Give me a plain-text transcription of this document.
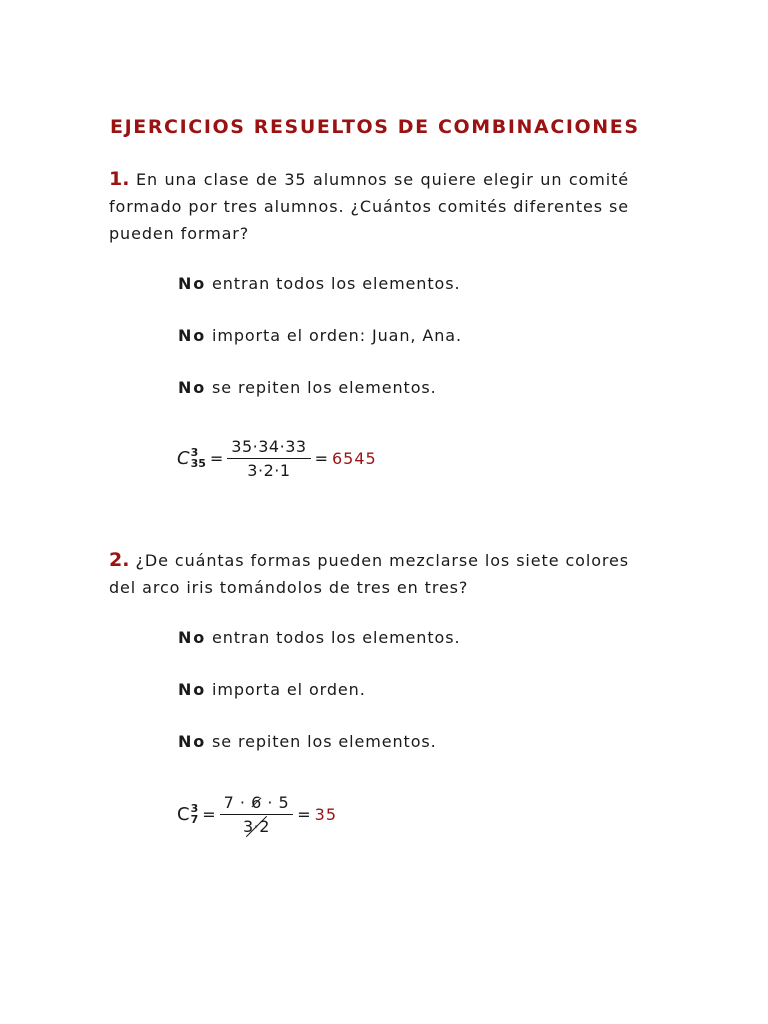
EJERCICIOS RESUELTOS DE COMBINACIONES
1. En una clase de 35 alumnos se quiere elegir un comité formado por tres alumnos. ¿Cuántos comités diferentes se pueden formar?
No entran todos los elementos.
No importa el orden: Juan, Ana.
No se repiten los elementos.
C 3
$35 = \frac{35\cdot 34\cdot 33}{3\cdot 2\cdot 1} = 6545$
2. ¿De cuántas formas pueden mezclarse los siete colores del arco iris tomándolos de tres en tres?
No entran todos los elementos.
No importa el orden.
No se repiten los elementos.
C 3
$7 = \frac{7 \cdot 6 \cdot 5}{3\cdot 2} = 35$
